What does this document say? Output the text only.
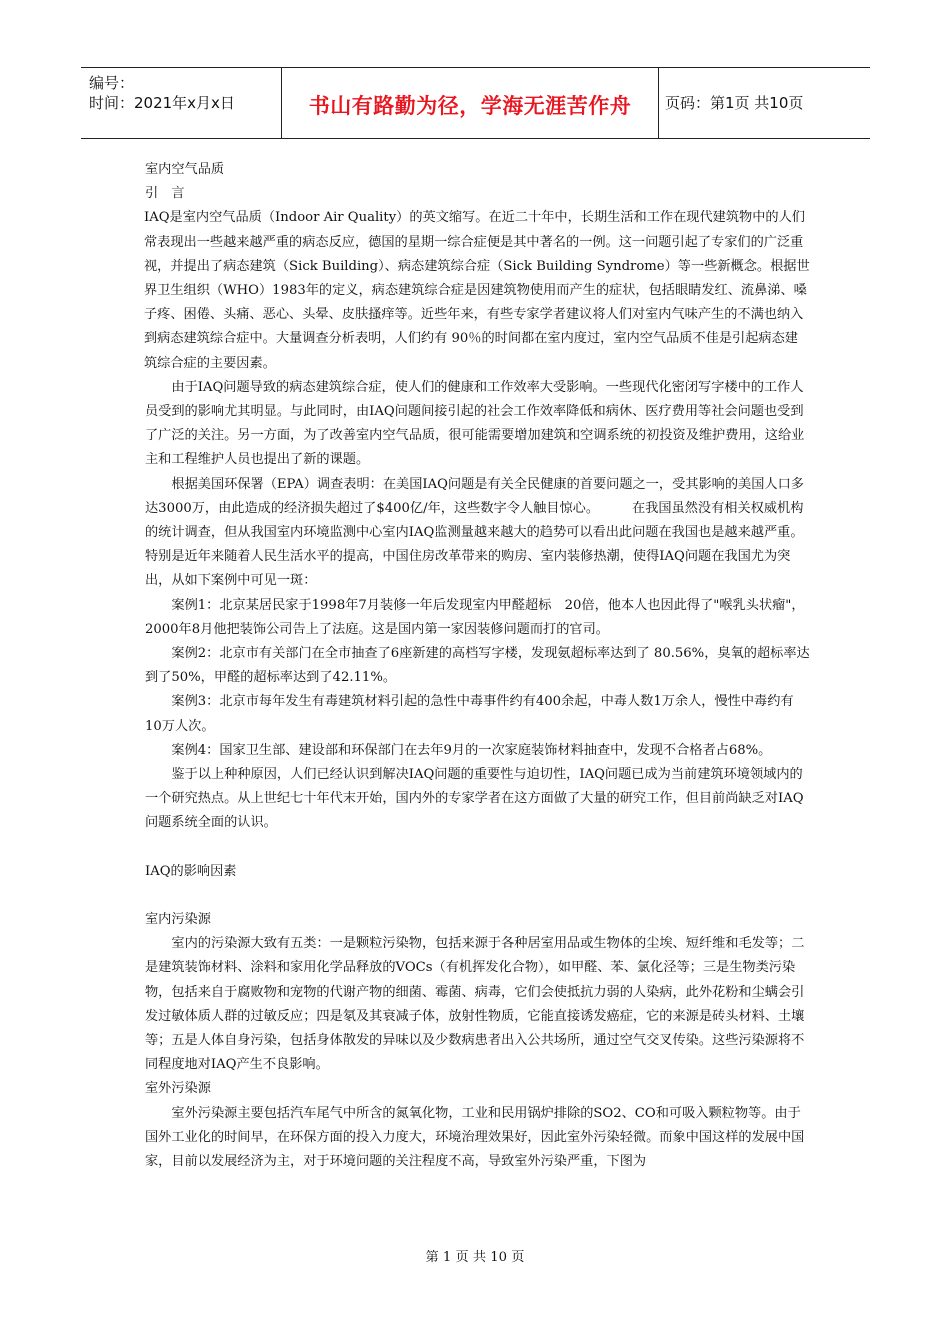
编号：
时间：2021年x月x日	书山有路勤为径，学海无涯苦作舟	页码：第1页 共10页

室内空气品质

引　言

IAQ是室内空气品质（Indoor Air Quality）的英文缩写。在近二十年中，长期生活和工作在现代建筑物中的人们常表现出一些越来越严重的病态反应，德国的星期一综合症便是其中著名的一例。这一问题引起了专家们的广泛重视，并提出了病态建筑（Sick Building）、病态建筑综合症（Sick Building Syndrome）等一些新概念。根据世界卫生组织（WHO）1983年的定义，病态建筑综合症是因建筑物使用而产生的症状，包括眼睛发红、流鼻涕、嗓子疼、困倦、头痛、恶心、头晕、皮肤搔痒等。近些年来，有些专家学者建议将人们对室内气味产生的不满也纳入到病态建筑综合症中。大量调查分析表明，人们约有 90％的时间都在室内度过，室内空气品质不佳是引起病态建筑综合症的主要因素。

由于IAQ问题导致的病态建筑综合症，使人们的健康和工作效率大受影响。一些现代化密闭写字楼中的工作人员受到的影响尤其明显。与此同时，由IAQ问题间接引起的社会工作效率降低和病休、医疗费用等社会问题也受到了广泛的关注。另一方面，为了改善室内空气品质，很可能需要增加建筑和空调系统的初投资及维护费用，这给业主和工程维护人员也提出了新的课题。

根据美国环保署（EPA）调查表明：在美国IAQ问题是有关全民健康的首要问题之一，受其影响的美国人口多达3000万，由此造成的经济损失超过了$400亿/年，这些数字令人触目惊心。　　　在我国虽然没有相关权威机构的统计调查，但从我国室内环境监测中心室内IAQ监测量越来越大的趋势可以看出此问题在我国也是越来越严重。特别是近年来随着人民生活水平的提高，中国住房改革带来的购房、室内装修热潮，使得IAQ问题在我国尤为突出，从如下案例中可见一斑：

案例1：北京某居民家于1998年7月装修一年后发现室内甲醛超标　20倍，他本人也因此得了"喉乳头状瘤"，2000年8月他把装饰公司告上了法庭。这是国内第一家因装修问题而打的官司。

案例2：北京市有关部门在全市抽查了6座新建的高档写字楼，发现氨超标率达到了 80.56%，臭氧的超标率达到了50%，甲醛的超标率达到了42.11%。

案例3：北京市每年发生有毒建筑材料引起的急性中毒事件约有400余起，中毒人数1万余人，慢性中毒约有10万人次。

案例4：国家卫生部、建设部和环保部门在去年9月的一次家庭装饰材料抽查中，发现不合格者占68%。

鉴于以上种种原因，人们已经认识到解决IAQ问题的重要性与迫切性，IAQ问题已成为当前建筑环境领域内的一个研究热点。从上世纪七十年代末开始，国内外的专家学者在这方面做了大量的研究工作，但目前尚缺乏对IAQ问题系统全面的认识。

IAQ的影响因素

室内污染源

室内的污染源大致有五类：一是颗粒污染物，包括来源于各种居室用品或生物体的尘埃、短纤维和毛发等；二是建筑装饰材料、涂料和家用化学品释放的VOCs（有机挥发化合物），如甲醛、苯、氯化泾等；三是生物类污染物，包括来自于腐败物和宠物的代谢产物的细菌、霉菌、病毒，它们会使抵抗力弱的人染病，此外花粉和尘螨会引发过敏体质人群的过敏反应；四是氡及其衰减子体，放射性物质，它能直接诱发癌症，它的来源是砖头材料、土壤等；五是人体自身污染，包括身体散发的异味以及少数病患者出入公共场所，通过空气交叉传染。这些污染源将不同程度地对IAQ产生不良影响。

室外污染源

室外污染源主要包括汽车尾气中所含的氮氧化物，工业和民用锅炉排除的SO2、CO和可吸入颗粒物等。由于国外工业化的时间早，在环保方面的投入力度大，环境治理效果好，因此室外污染轻微。而象中国这样的发展中国家，目前以发展经济为主，对于环境问题的关注程度不高，导致室外污染严重，下图为

第 1 页 共 10 页
